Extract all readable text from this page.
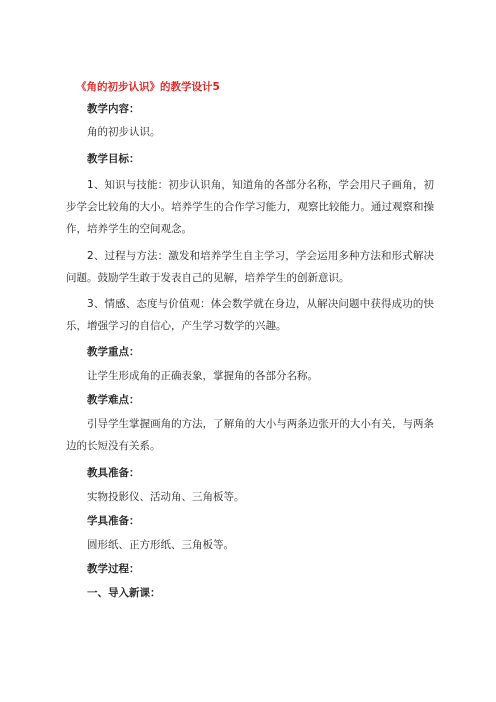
《角的初步认识》的教学设计5
教学内容：
角的初步认识。
教学目标：
1、知识与技能：初步认识角，知道角的各部分名称，学会用尺子画角，初步学会比较角的大小。培养学生的合作学习能力，观察比较能力。通过观察和操作，培养学生的空间观念。
2、过程与方法：激发和培养学生自主学习，学会运用多种方法和形式解决问题。鼓励学生敢于发表自己的见解，培养学生的创新意识。
3、情感、态度与价值观：体会数学就在身边，从解决问题中获得成功的快乐，增强学习的自信心，产生学习数学的兴趣。
教学重点：
让学生形成角的正确表象，掌握角的各部分名称。
教学难点：
引导学生掌握画角的方法，了解角的大小与两条边张开的大小有关，与两条边的长短没有关系。
教具准备：
实物投影仪、活动角、三角板等。
学具准备：
圆形纸、正方形纸、三角板等。
教学过程：
一、导入新课：
